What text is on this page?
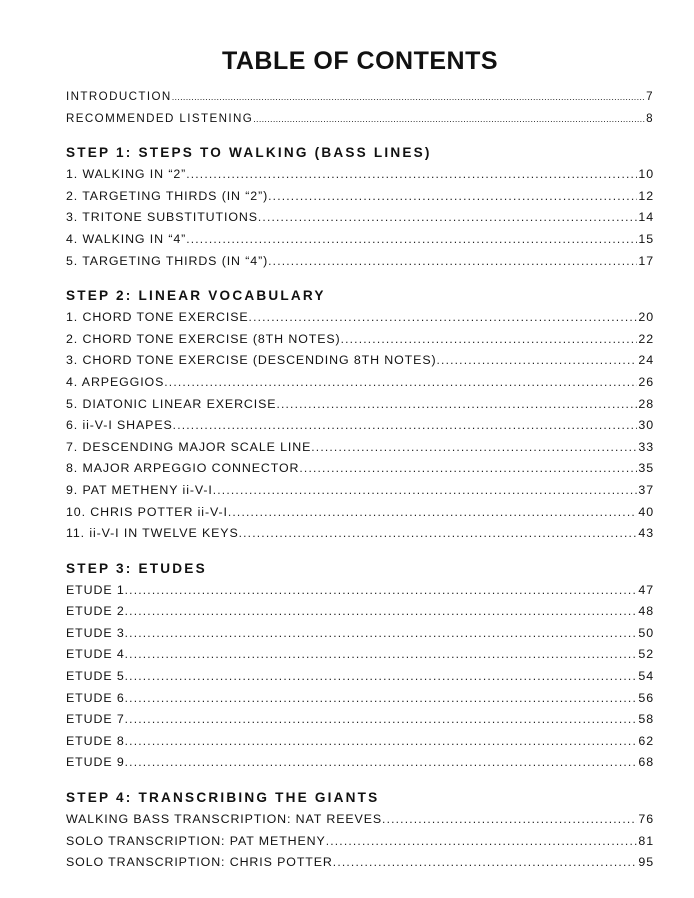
TABLE OF CONTENTS
INTRODUCTION .....	7
RECOMMENDED LISTENING .....	8
STEP 1: STEPS TO WALKING (BASS LINES)
1. WALKING IN “2” .....	10
2. TARGETING THIRDS (IN “2”) .....	12
3. TRITONE SUBSTITUTIONS .....	14
4. WALKING IN “4” .....	15
5. TARGETING THIRDS (IN “4”) .....	17
STEP 2: LINEAR VOCABULARY
1. CHORD TONE EXERCISE .....	20
2. CHORD TONE EXERCISE (8TH NOTES) .....	22
3. CHORD TONE EXERCISE (DESCENDING 8TH NOTES) .....	24
4. ARPEGGIOS .....	26
5. DIATONIC LINEAR EXERCISE .....	28
6. ii-V-I SHAPES .....	30
7. DESCENDING MAJOR SCALE LINE .....	33
8. MAJOR ARPEGGIO CONNECTOR .....	35
9. PAT METHENY ii-V-I .....	37
10. CHRIS POTTER ii-V-I .....	40
11. ii-V-I IN TWELVE KEYS .....	43
STEP 3: ETUDES
ETUDE 1 .....	47
ETUDE 2 .....	48
ETUDE 3 .....	50
ETUDE 4 .....	52
ETUDE 5 .....	54
ETUDE 6 .....	56
ETUDE 7 .....	58
ETUDE 8 .....	62
ETUDE 9 .....	68
STEP 4: TRANSCRIBING THE GIANTS
WALKING BASS TRANSCRIPTION: NAT REEVES .....	76
SOLO TRANSCRIPTION: PAT METHENY .....	81
SOLO TRANSCRIPTION: CHRIS POTTER .....	95
